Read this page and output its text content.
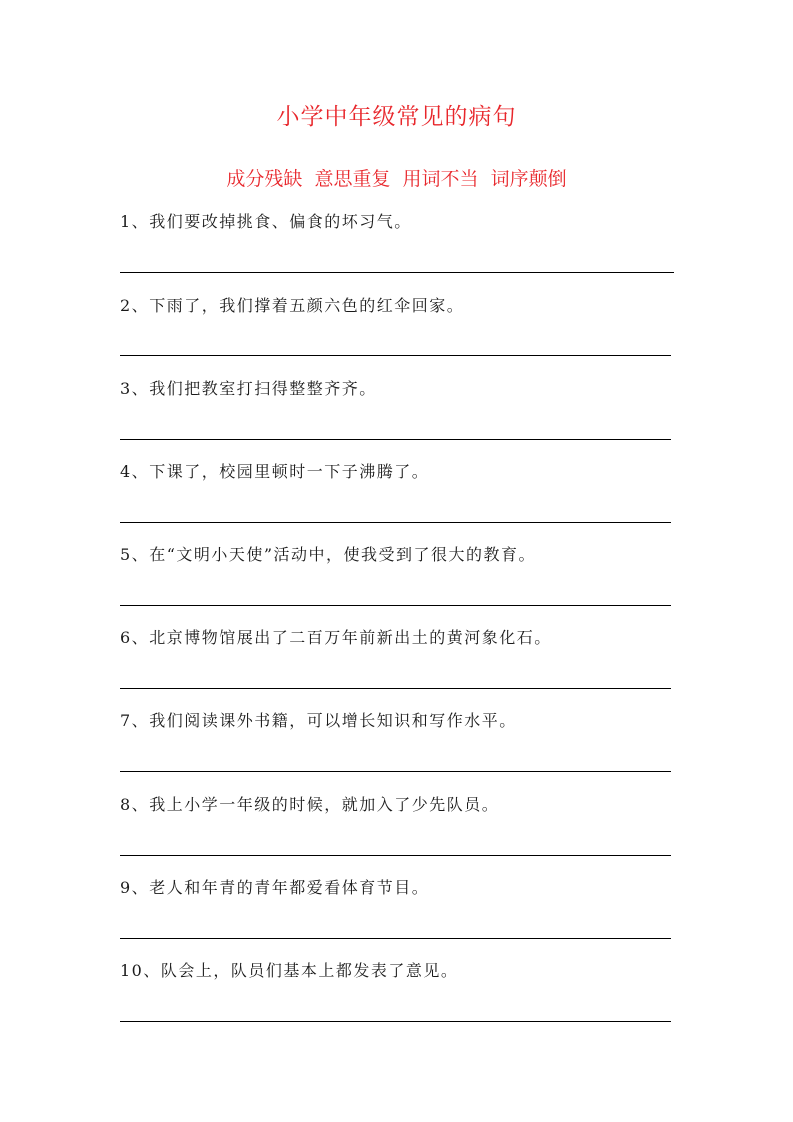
小学中年级常见的病句
成分残缺  意思重复  用词不当  词序颠倒
1、我们要改掉挑食、偏食的坏习气。
2、下雨了，我们撑着五颜六色的红伞回家。
3、我们把教室打扫得整整齐齐。
4、下课了，校园里顿时一下子沸腾了。
5、在“文明小天使”活动中，使我受到了很大的教育。
6、北京博物馆展出了二百万年前新出土的黄河象化石。
7、我们阅读课外书籍，可以增长知识和写作水平。
8、我上小学一年级的时候，就加入了少先队员。
9、老人和年青的青年都爱看体育节目。
10、队会上，队员们基本上都发表了意见。
